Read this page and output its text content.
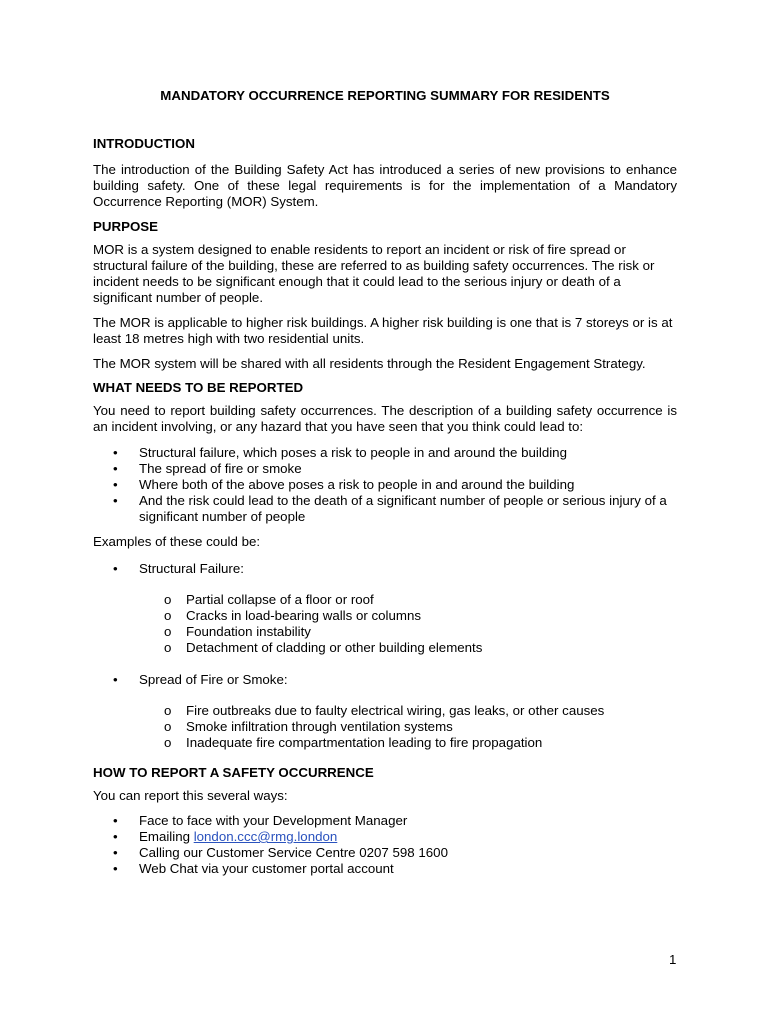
MANDATORY OCCURRENCE REPORTING SUMMARY FOR RESIDENTS
INTRODUCTION

The introduction of the Building Safety Act has introduced a series of new provisions to enhance building safety. One of these legal requirements is for the implementation of a Mandatory Occurrence Reporting (MOR) System.

PURPOSE

MOR is a system designed to enable residents to report an incident or risk of fire spread or structural failure of the building, these are referred to as building safety occurrences. The risk or incident needs to be significant enough that it could lead to the serious injury or death of a significant number of people.

The MOR is applicable to higher risk buildings. A higher risk building is one that is 7 storeys or is at least 18 metres high with two residential units.

The MOR system will be shared with all residents through the Resident Engagement Strategy.

WHAT NEEDS TO BE REPORTED

You need to report building safety occurrences. The description of a building safety occurrence is an incident involving, or any hazard that you have seen that you think could lead to:

• Structural failure, which poses a risk to people in and around the building
• The spread of fire or smoke
• Where both of the above poses a risk to people in and around the building
• And the risk could lead to the death of a significant number of people or serious injury of a significant number of people

Examples of these could be:

• Structural Failure:
o Partial collapse of a floor or roof
o Cracks in load-bearing walls or columns
o Foundation instability
o Detachment of cladding or other building elements
• Spread of Fire or Smoke:
o Fire outbreaks due to faulty electrical wiring, gas leaks, or other causes
o Smoke infiltration through ventilation systems
o Inadequate fire compartmentation leading to fire propagation
HOW TO REPORT A SAFETY OCCURRENCE

You can report this several ways:

• Face to face with your Development Manager
• Emailing london.ccc@rmg.london
• Calling our Customer Service Centre 0207 598 1600
• Web Chat via your customer portal account
1
